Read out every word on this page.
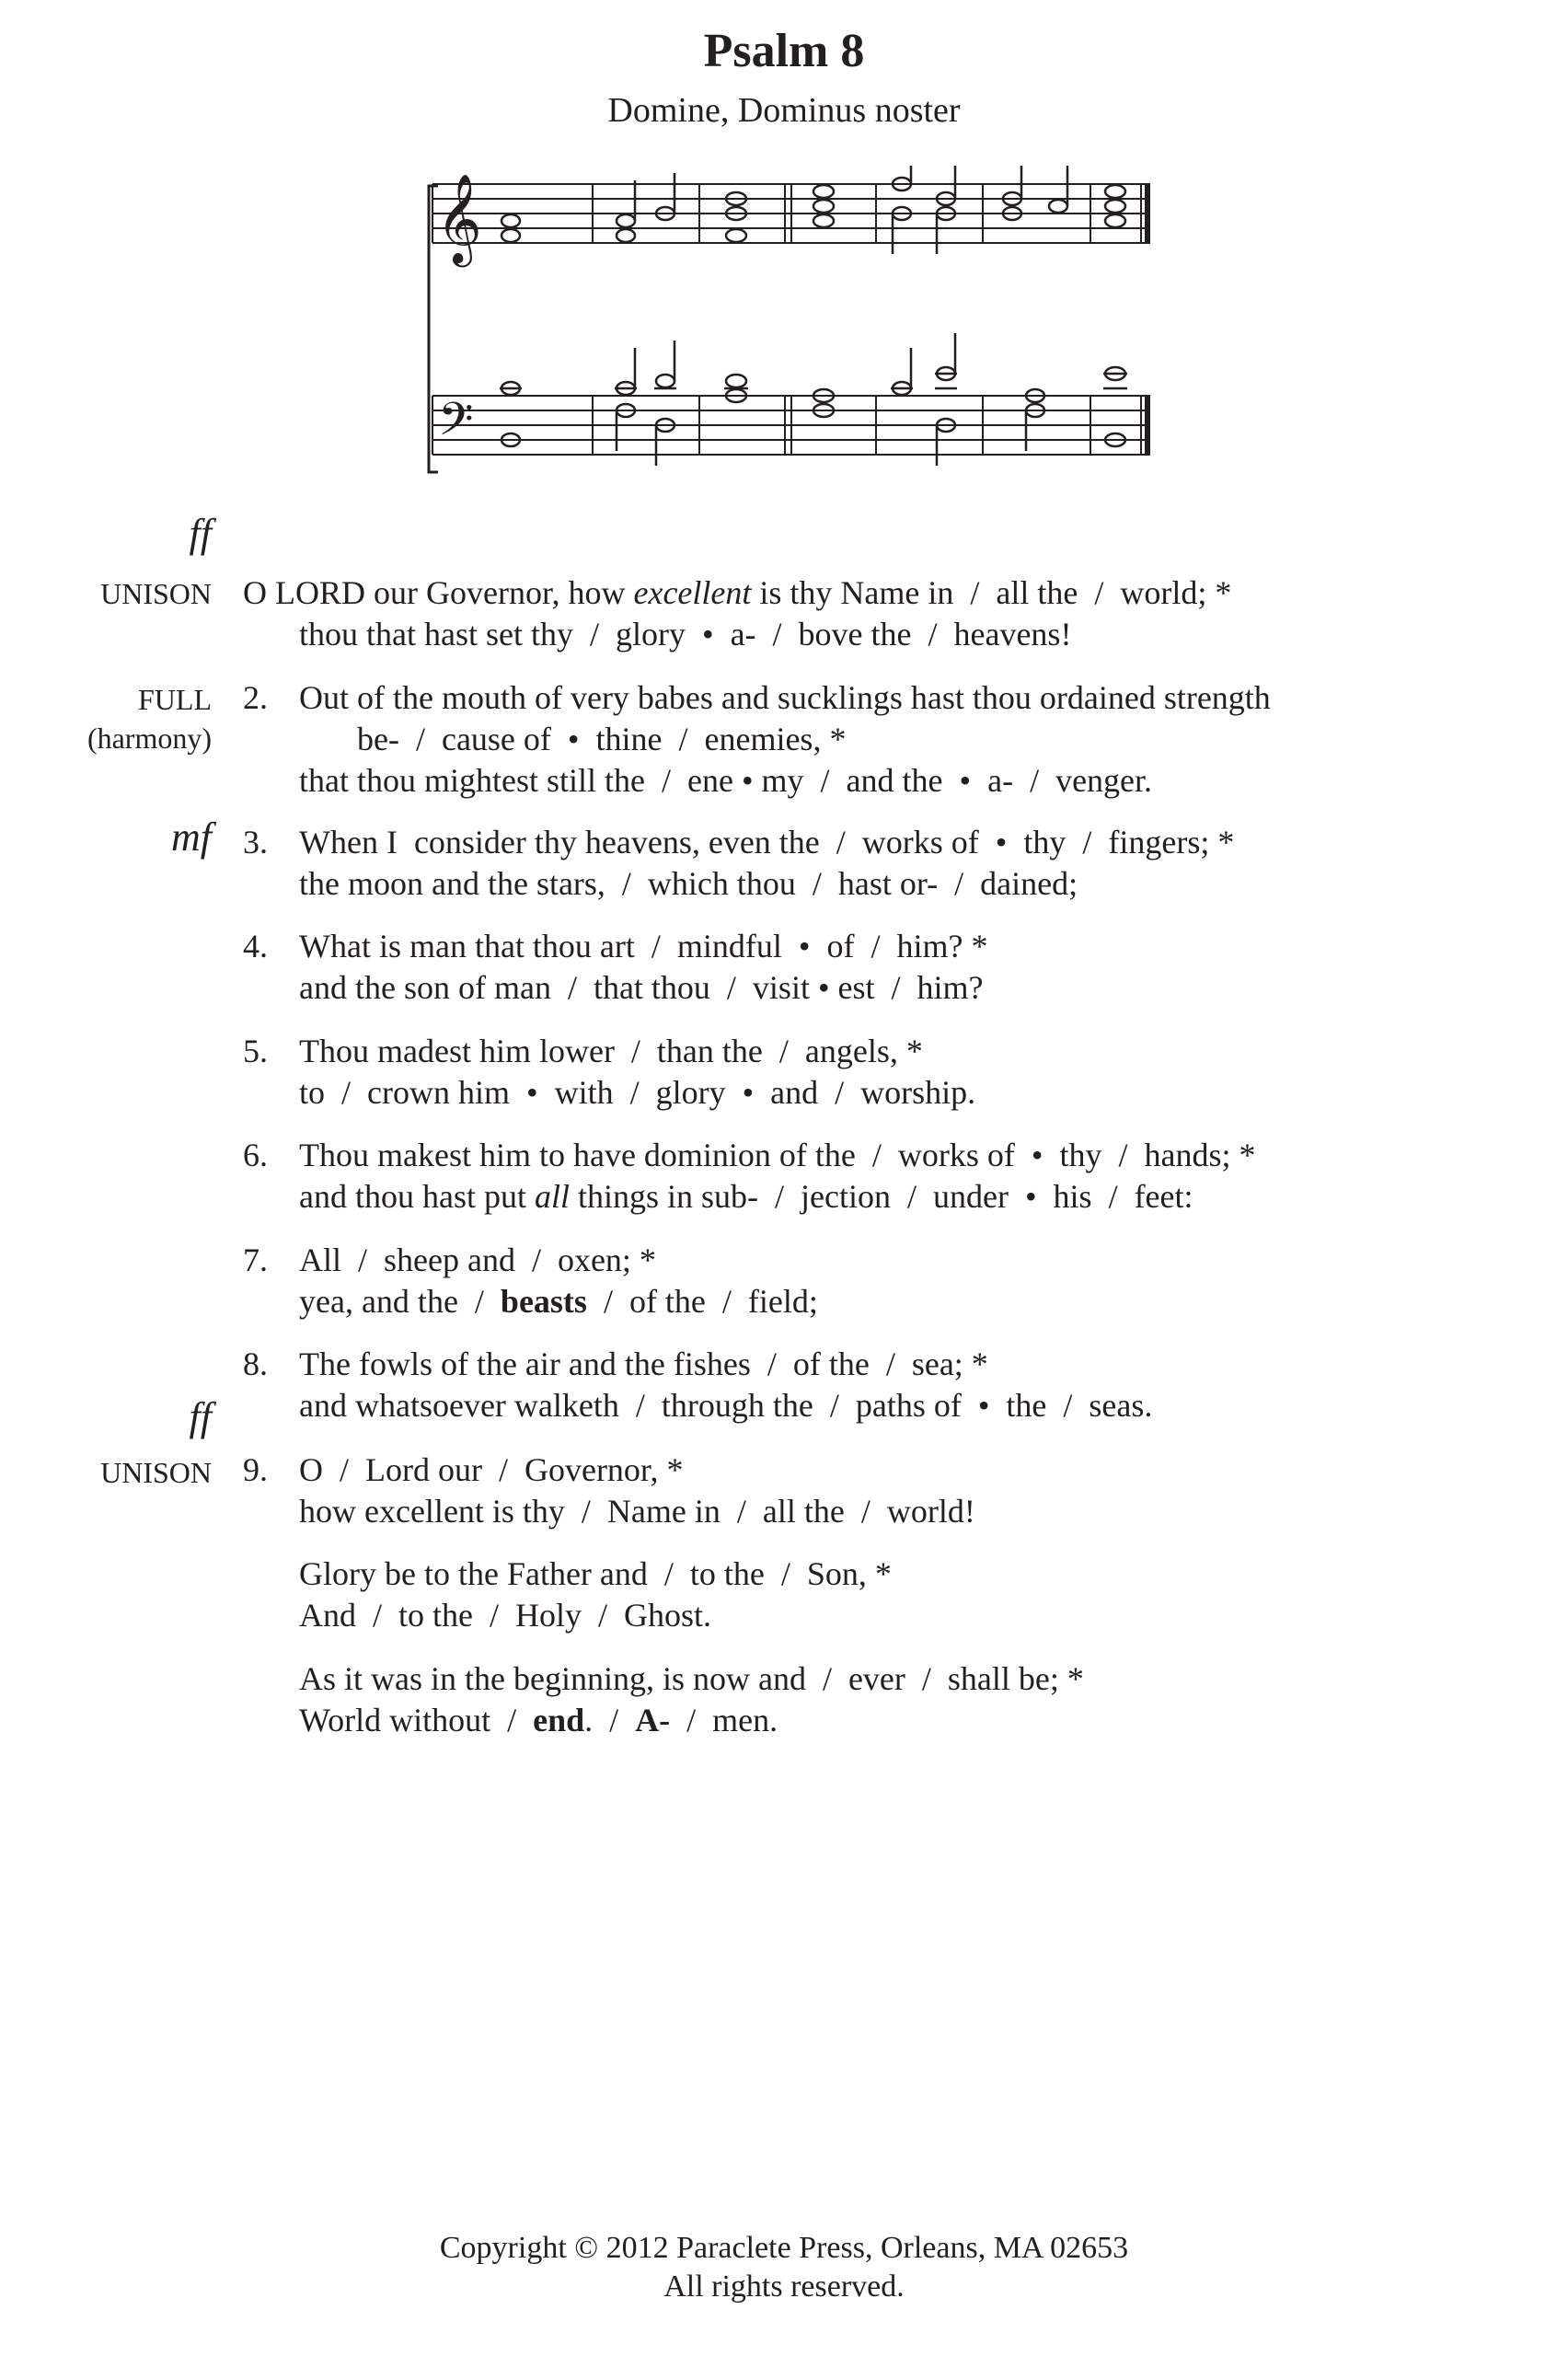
Psalm 8
Domine, Dominus noster
𝄞
𝄢
ff
UNISON
FULL
(harmony)
mf
ff
UNISON
O LORD our Governor, how excellent is thy Name in  /  all the  /  world; *
thou that hast set thy  /  glory  •  a-  /  bove the  /  heavens!
2. Out of the mouth of very babes and sucklings hast thou ordained strength
be-  /  cause of  •  thine  /  enemies, *
that thou mightest still the  /  ene • my  /  and the  •  a-  /  venger.
3. When I  consider thy heavens, even the  /  works of  •  thy  /  fingers; *
the moon and the stars,  /  which thou  /  hast or-  /  dained;
4. What is man that thou art  /  mindful  •  of  /  him? *
and the son of man  /  that thou  /  visit • est  /  him?
5. Thou madest him lower  /  than the  /  angels, *
to  /  crown him  •  with  /  glory  •  and  /  worship.
6. Thou makest him to have dominion of the  /  works of  •  thy  /  hands; *
and thou hast put all things in sub-  /  jection  /  under  •  his  /  feet:
7. All  /  sheep and  /  oxen; *
yea, and the  /  beasts  /  of the  /  field;
8. The fowls of the air and the fishes  /  of the  /  sea; *
and whatsoever walketh  /  through the  /  paths of  •  the  /  seas.
9. O  /  Lord our  /  Governor, *
how excellent is thy  /  Name in  /  all the  /  world!
Glory be to the Father and  /  to the  /  Son, *
And  /  to the  /  Holy  /  Ghost.
As it was in the beginning, is now and  /  ever  /  shall be; *
World without  /  end.  /  A-  /  men.
Copyright © 2012 Paraclete Press, Orleans, MA 02653
All rights reserved.
